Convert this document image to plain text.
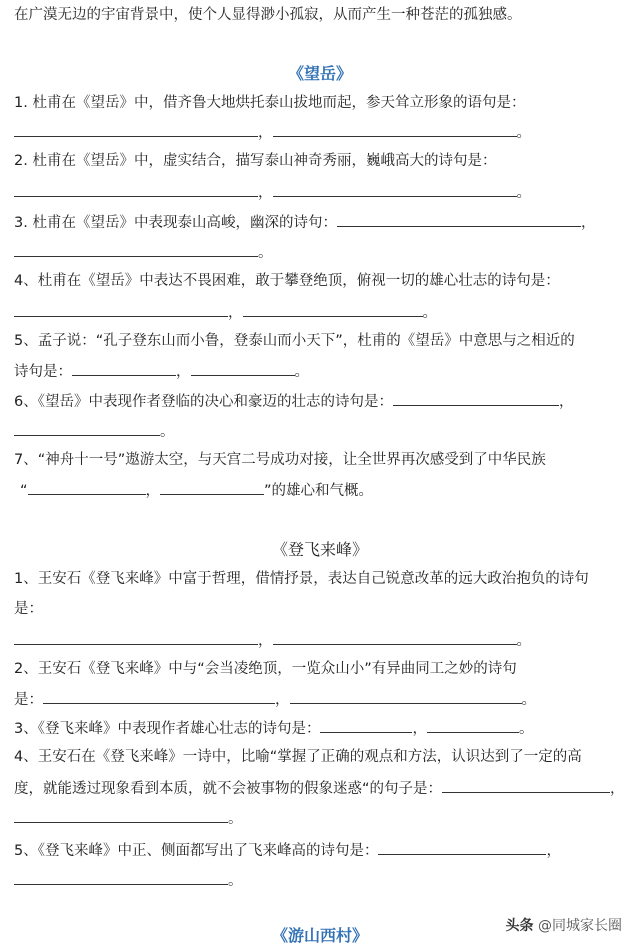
在广漠无边的宇宙背景中，使个人显得渺小孤寂，从而产生一种苍茫的孤独感。
《望岳》
1. 杜甫在《望岳》中，借齐鲁大地烘托泰山拔地而起，参天耸立形象的语句是：
，	。
2. 杜甫在《望岳》中，虚实结合，描写泰山神奇秀丽，巍峨高大的诗句是：
，	。
3. 杜甫在《望岳》中表现泰山高峻，幽深的诗句：	，
。
4、杜甫在《望岳》中表达不畏困难，敢于攀登绝顶，俯视一切的雄心壮志的诗句是：
，	。
5、孟子说：“孔子登东山而小鲁，登泰山而小天下”，杜甫的《望岳》中意思与之相近的
诗句是：	，	。
6、《望岳》中表现作者登临的决心和豪迈的壮志的诗句是：	，
。
7、“神舟十一号”遨游太空，与天宫二号成功对接，让全世界再次感受到了中华民族
“	，	”的雄心和气概。
《登飞来峰》
1、王安石《登飞来峰》中富于哲理，借情抒景，表达自己锐意改革的远大政治抱负的诗句
是：
，	。
2、王安石《登飞来峰》中与“会当凌绝顶，一览众山小”有异曲同工之妙的诗句
是：	，	。
3、《登飞来峰》中表现作者雄心壮志的诗句是：	，	。
4、王安石在《登飞来峰》一诗中，比喻“掌握了正确的观点和方法，认识达到了一定的高
度，就能透过现象看到本质，就不会被事物的假象迷惑“的句子是：	，
。
5、《登飞来峰》中正、侧面都写出了飞来峰高的诗句是：	，
。
《游山西村》	头条 @同城家长圈
